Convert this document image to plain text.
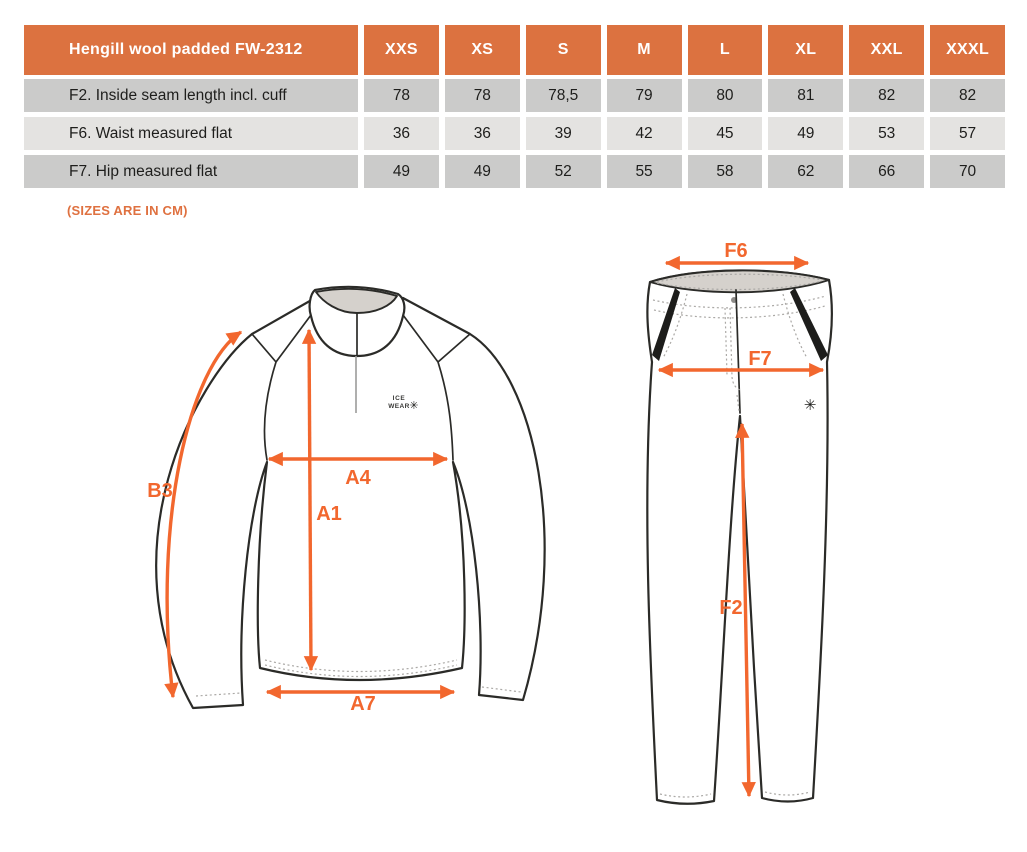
Hengill wool padded FW-2312	XXS	XS	S	M	L	XL	XXL	XXXL
F2. Inside seam length incl. cuff	78	78	78,5	79	80	81	82	82
F6. Waist measured flat	36	36	39	42	45	49	53	57
F7. Hip measured flat	49	49	52	55	58	62	66	70
(SIZES ARE IN CM)
ICE
WEAR ✳
B3
A4
A1
A7
✳
F6
F7
F2
